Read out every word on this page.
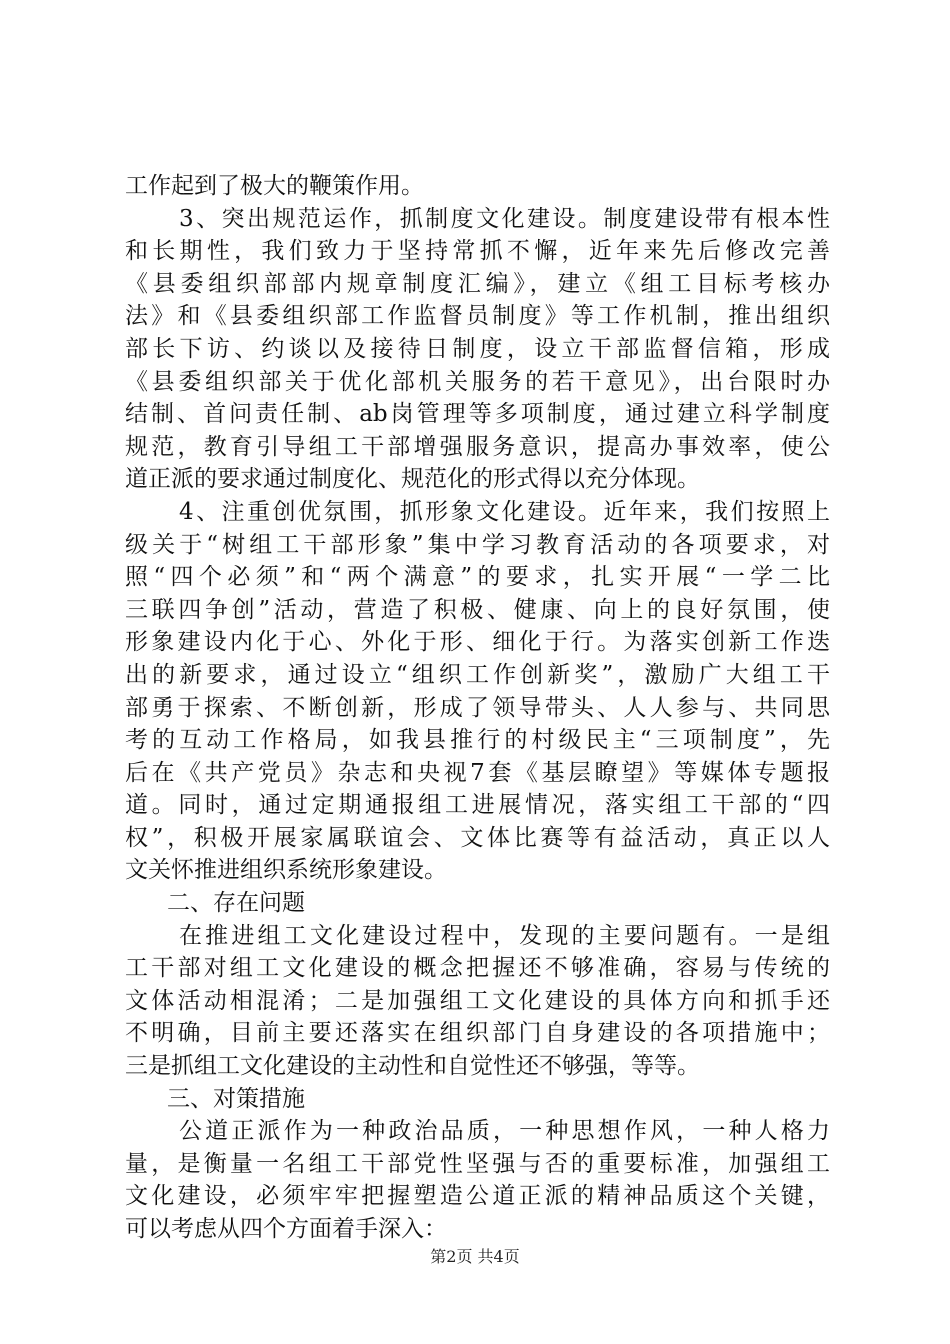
工作起到了极大的鞭策作用。
3、突出规范运作，抓制度文化建设。制度建设带有根本性
和长期性，我们致力于坚持常抓不懈，近年来先后修改完善
《县委组织部部内规章制度汇编》，建立《组工目标考核办
法》和《县委组织部工作监督员制度》等工作机制，推出组织
部长下访、约谈以及接待日制度，设立干部监督信箱，形成
《县委组织部关于优化部机关服务的若干意见》，出台限时办
结制、首问责任制、ab岗管理等多项制度，通过建立科学制度
规范，教育引导组工干部增强服务意识，提高办事效率，使公
道正派的要求通过制度化、规范化的形式得以充分体现。
4、注重创优氛围，抓形象文化建设。近年来，我们按照上
级关于“树组工干部形象”集中学习教育活动的各项要求，对
照“四个必须”和“两个满意”的要求，扎实开展“一学二比
三联四争创”活动，营造了积极、健康、向上的良好氛围，使
形象建设内化于心、外化于形、细化于行。为落实创新工作迭
出的新要求，通过设立“组织工作创新奖”，激励广大组工干
部勇于探索、不断创新，形成了领导带头、人人参与、共同思
考的互动工作格局，如我县推行的村级民主“三项制度”，先
后在《共产党员》杂志和央视7套《基层瞭望》等媒体专题报
道。同时，通过定期通报组工进展情况，落实组工干部的“四
权”，积极开展家属联谊会、文体比赛等有益活动，真正以人
文关怀推进组织系统形象建设。
二、存在问题
在推进组工文化建设过程中，发现的主要问题有。一是组
工干部对组工文化建设的概念把握还不够准确，容易与传统的
文体活动相混淆；二是加强组工文化建设的具体方向和抓手还
不明确，目前主要还落实在组织部门自身建设的各项措施中；
三是抓组工文化建设的主动性和自觉性还不够强，等等。
三、对策措施
公道正派作为一种政治品质，一种思想作风，一种人格力
量，是衡量一名组工干部党性坚强与否的重要标准，加强组工
文化建设，必须牢牢把握塑造公道正派的精神品质这个关键，
可以考虑从四个方面着手深入：
第2页 共4页
